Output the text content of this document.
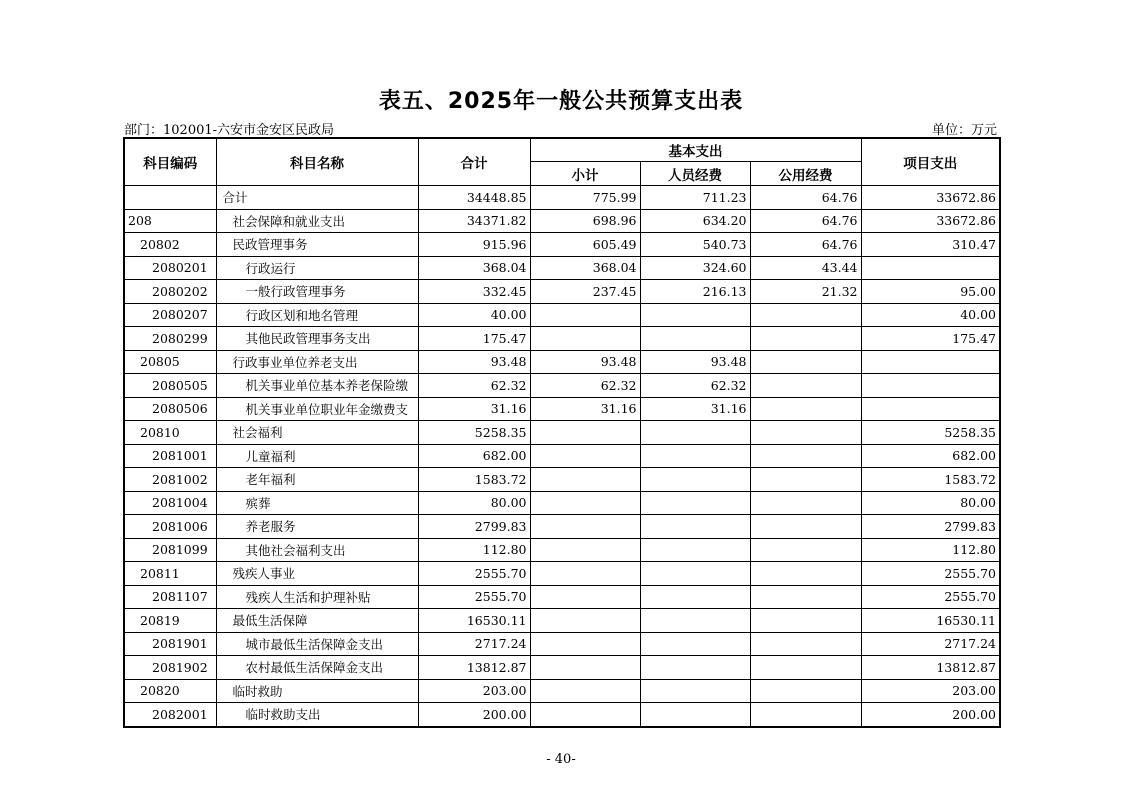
表五、2025年一般公共预算支出表
部门：102001-六安市金安区民政局	单位：万元
科目编码	科目名称	合计	基本支出			项目支出
			小计	人员经费	公用经费	
	合计	34448.85	775.99	711.23	64.76	33672.86
208	社会保障和就业支出	34371.82	698.96	634.20	64.76	33672.86
20802	民政管理事务	915.96	605.49	540.73	64.76	310.47
2080201	行政运行	368.04	368.04	324.60	43.44	
2080202	一般行政管理事务	332.45	237.45	216.13	21.32	95.00
2080207	行政区划和地名管理	40.00				40.00
2080299	其他民政管理事务支出	175.47				175.47
20805	行政事业单位养老支出	93.48	93.48	93.48		
2080505	机关事业单位基本养老保险缴	62.32	62.32	62.32		
2080506	机关事业单位职业年金缴费支	31.16	31.16	31.16		
20810	社会福利	5258.35				5258.35
2081001	儿童福利	682.00				682.00
2081002	老年福利	1583.72				1583.72
2081004	殡葬	80.00				80.00
2081006	养老服务	2799.83				2799.83
2081099	其他社会福利支出	112.80				112.80
20811	残疾人事业	2555.70				2555.70
2081107	残疾人生活和护理补贴	2555.70				2555.70
20819	最低生活保障	16530.11				16530.11
2081901	城市最低生活保障金支出	2717.24				2717.24
2081902	农村最低生活保障金支出	13812.87				13812.87
20820	临时救助	203.00				203.00
2082001	临时救助支出	200.00				200.00
- 40-
